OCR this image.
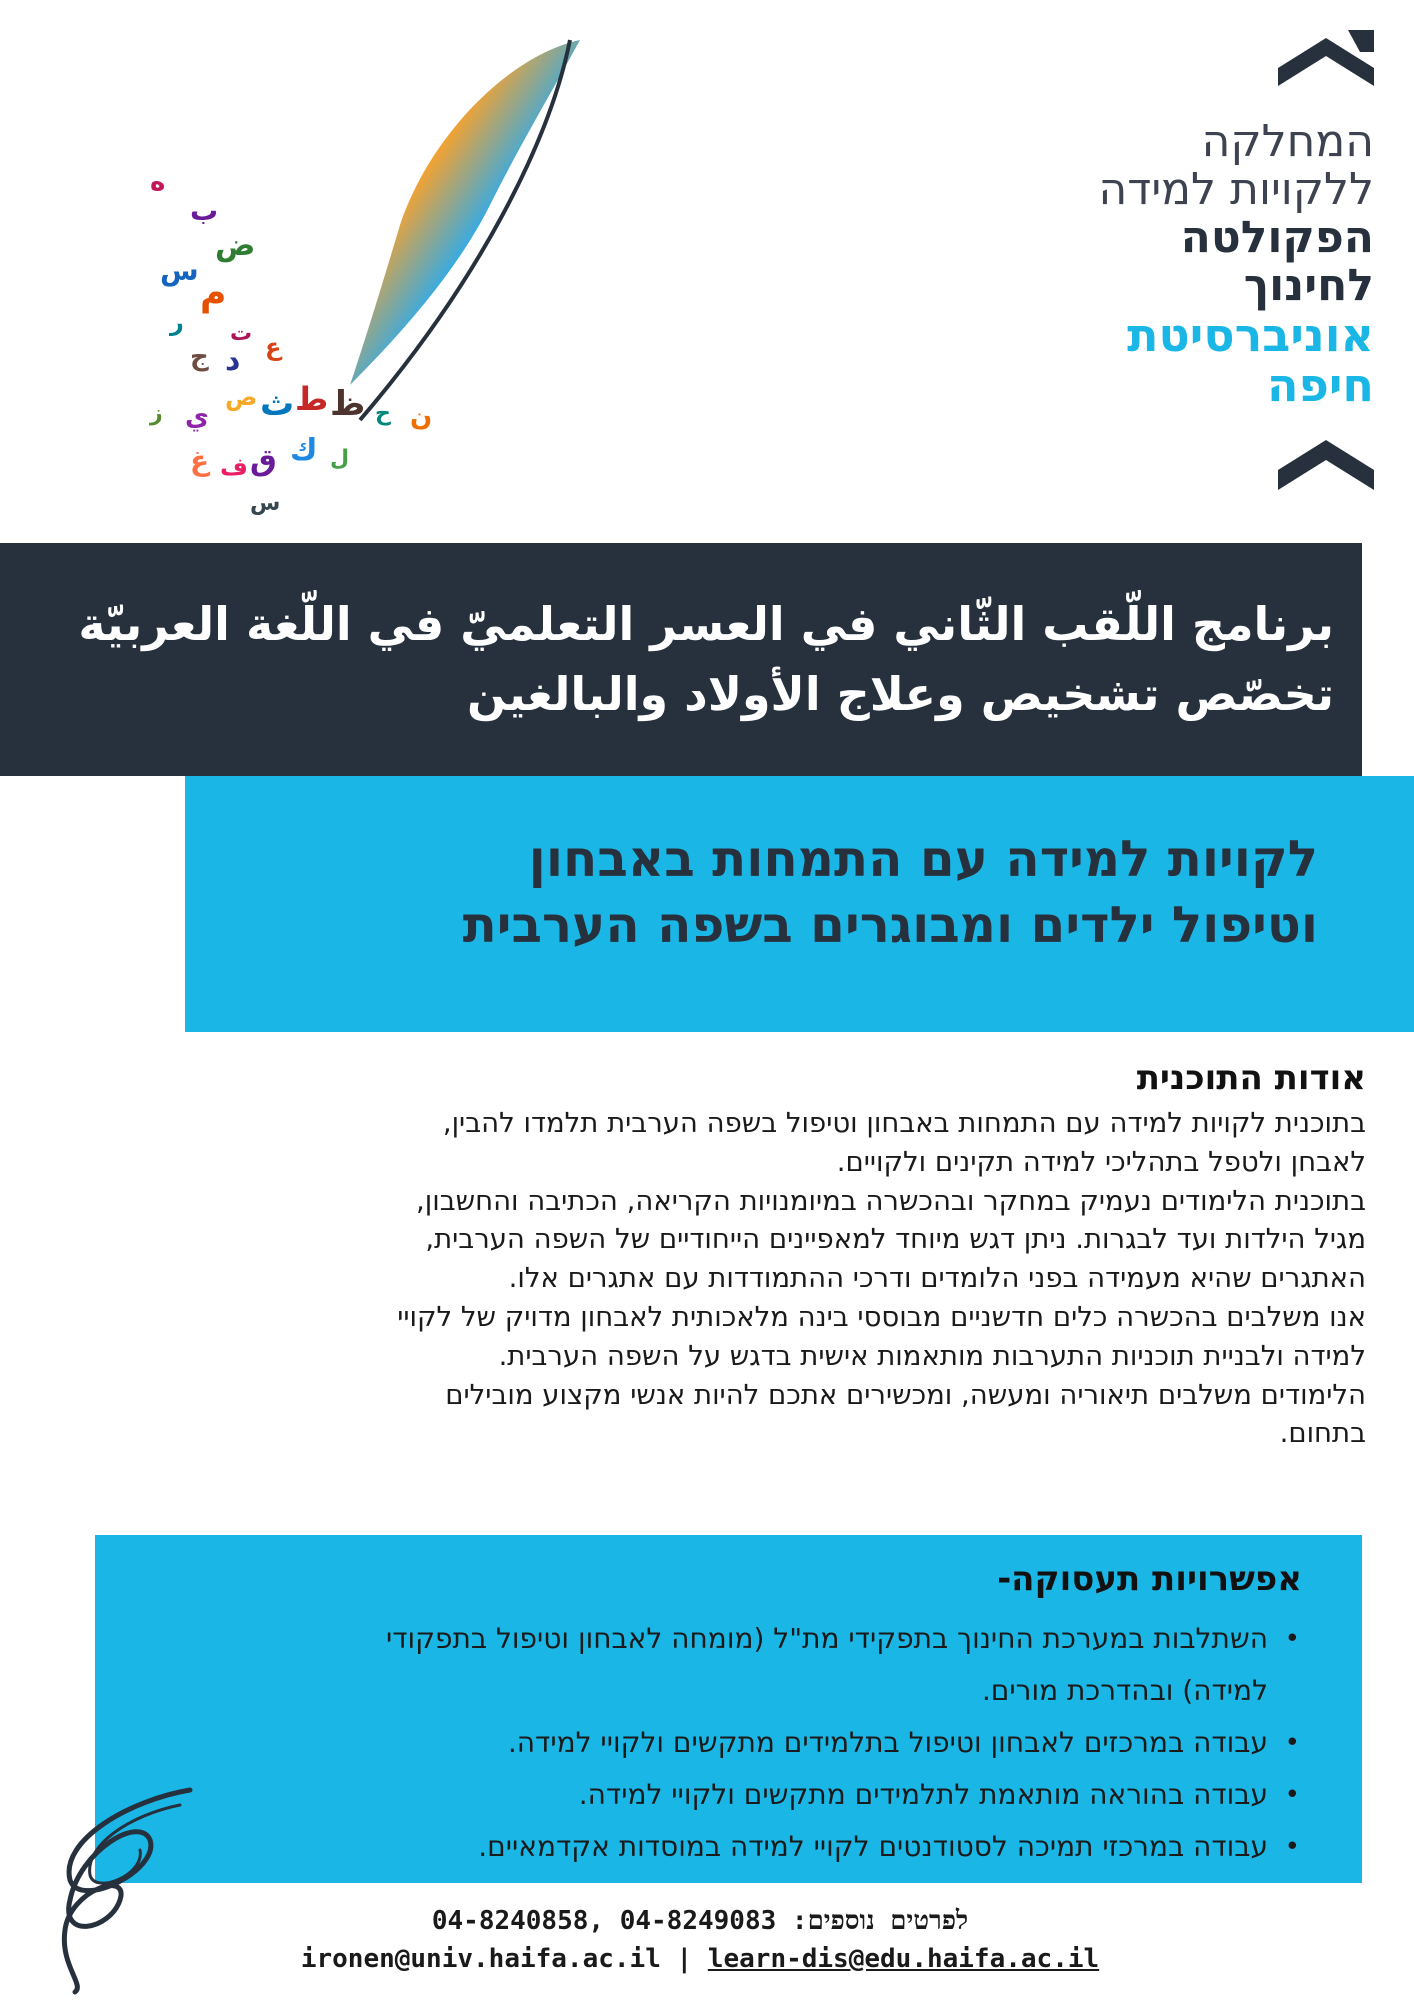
המחלקה
ללקויות למידה
הפקולטה
לחינוך
אוניברסיטת
חיפה
ه
ب
ض
س
م
ر ت
ج د ع
ز ي
ص ث ط ظ ح ن
ك
ق
ف
غ	ل
س
برنامج اللّقب الثّاني في العسر التعلميّ في اللّغة العربيّة
تخصّص تشخيص وعلاج الأولاد والبالغين
לקויות למידה עם התמחות באבחון
וטיפול ילדים ומבוגרים בשפה הערבית
אודות התוכנית

בתוכנית לקויות למידה עם התמחות באבחון וטיפול בשפה הערבית תלמדו להבין,

לאבחן ולטפל בתהליכי למידה תקינים ולקויים.

בתוכנית הלימודים נעמיק במחקר ובהכשרה במיומנויות הקריאה, הכתיבה והחשבון,

מגיל הילדות ועד לבגרות. ניתן דגש מיוחד למאפיינים הייחודיים של השפה הערבית,

האתגרים שהיא מעמידה בפני הלומדים ודרכי ההתמודדות עם אתגרים אלו.

אנו משלבים בהכשרה כלים חדשניים מבוססי בינה מלאכותית לאבחון מדויק של לקויי

למידה ולבניית תוכניות התערבות מותאמות אישית בדגש על השפה הערבית.

הלימודים משלבים תיאוריה ומעשה, ומכשירים אתכם להיות אנשי מקצוע מובילים

בתחום.

אפשרויות תעסוקה-
•
השתלבות במערכת החינוך בתפקידי מת"ל (מומחה לאבחון וטיפול בתפקודי
למידה) ובהדרכת מורים.
•
עבודה במרכזים לאבחון וטיפול בתלמידים מתקשים ולקויי למידה.
•
עבודה בהוראה מותאמת לתלמידים מתקשים ולקויי למידה.
•
עבודה במרכזי תמיכה לסטודנטים לקויי למידה במוסדות אקדמאיים.
לפרטים נוספים: 04-8249083 ,04-8240858
ironen@univ.haifa.ac.il | learn-dis@edu.haifa.ac.il
